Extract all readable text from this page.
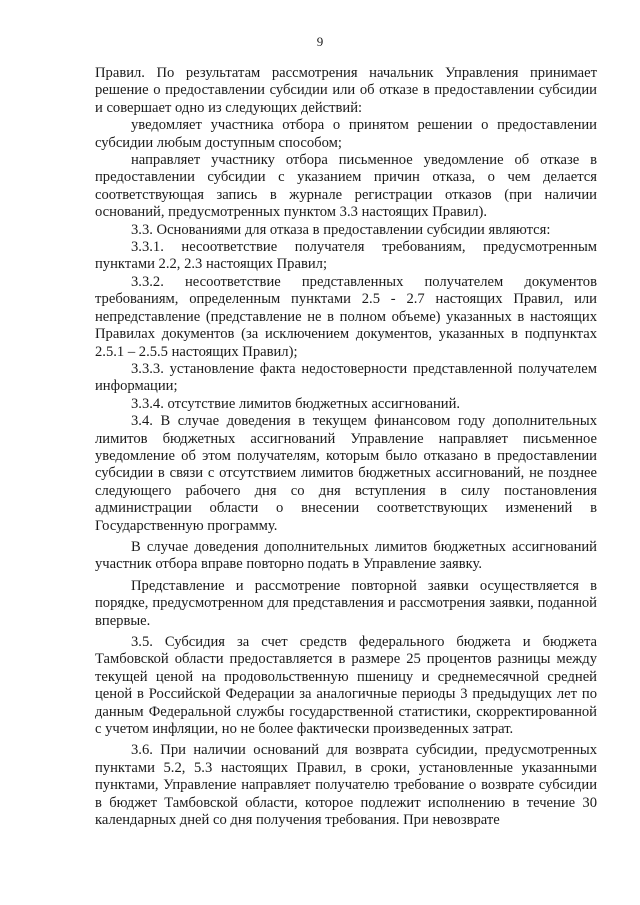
9

Правил. По результатам рассмотрения начальник Управления принимает решение о предоставлении субсидии или об отказе в предоставлении субсидии и совершает одно из следующих действий:

уведомляет участника отбора о принятом решении о предоставлении субсидии любым доступным способом;

направляет участнику отбора письменное уведомление об отказе в предоставлении субсидии с указанием причин отказа, о чем делается соответствующая запись в журнале регистрации отказов (при наличии оснований, предусмотренных пунктом 3.3 настоящих Правил).

3.3. Основаниями для отказа в предоставлении субсидии являются:

3.3.1. несоответствие получателя требованиям, предусмотренным пунктами 2.2, 2.3 настоящих Правил;

3.3.2. несоответствие представленных получателем документов требованиям, определенным пунктами 2.5 - 2.7 настоящих Правил, или непредставление (представление не в полном объеме) указанных в настоящих Правилах документов (за исключением документов, указанных в подпунктах 2.5.1 – 2.5.5 настоящих Правил);

3.3.3. установление факта недостоверности представленной получателем информации;

3.3.4. отсутствие лимитов бюджетных ассигнований.

3.4. В случае доведения в текущем финансовом году дополнительных лимитов бюджетных ассигнований Управление направляет письменное уведомление об этом получателям, которым было отказано в предоставлении субсидии в связи с отсутствием лимитов бюджетных ассигнований, не позднее следующего рабочего дня со дня вступления в силу постановления администрации области о внесении соответствующих изменений в Государственную программу.

В случае доведения дополнительных лимитов бюджетных ассигнований участник отбора вправе повторно подать в Управление заявку.

Представление и рассмотрение повторной заявки осуществляется в порядке, предусмотренном для представления и рассмотрения заявки, поданной впервые.

3.5. Субсидия за счет средств федерального бюджета и бюджета Тамбовской области предоставляется в размере 25 процентов разницы между текущей ценой на продовольственную пшеницу и среднемесячной средней ценой в Российской Федерации за аналогичные периоды 3 предыдущих лет по данным Федеральной службы государственной статистики, скорректированной с учетом инфляции, но не более фактически произведенных затрат.

3.6. При наличии оснований для возврата субсидии, предусмотренных пунктами 5.2, 5.3 настоящих Правил, в сроки, установленные указанными пунктами, Управление направляет получателю требование о возврате субсидии в бюджет Тамбовской области, которое подлежит исполнению в течение 30 календарных дней со дня получения требования. При невозврате
